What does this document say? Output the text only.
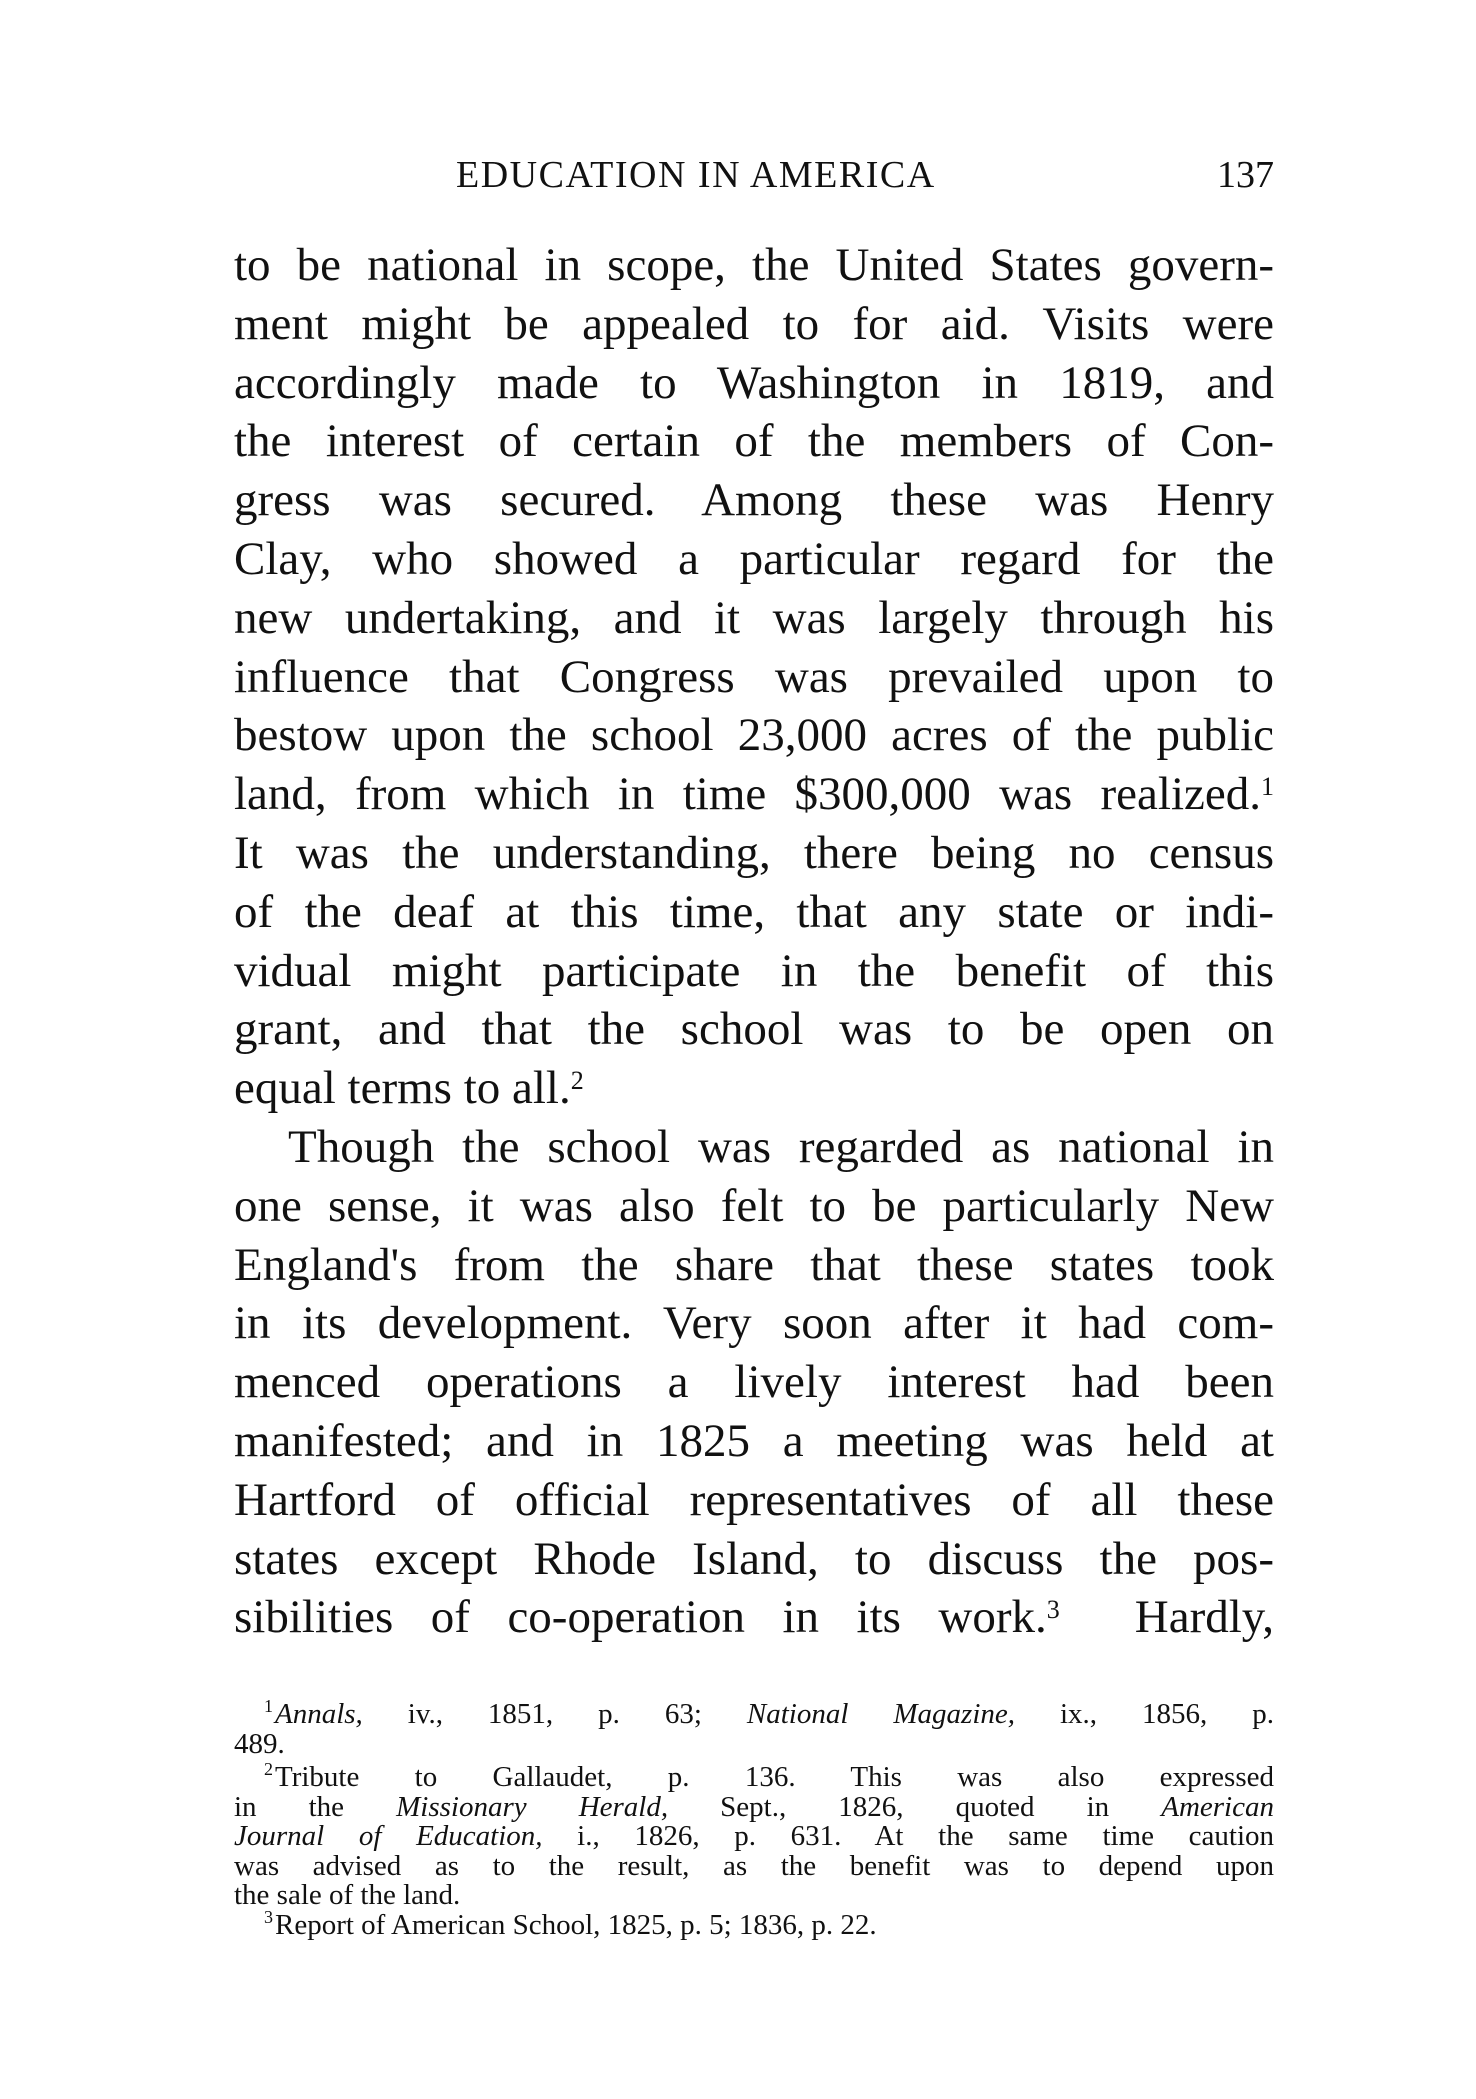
EDUCATION IN AMERICA	137
to be national in scope, the United States govern-
ment might be appealed to for aid. Visits were
accordingly made to Washington in 1819, and
the interest of certain of the members of Con-
gress was secured. Among these was Henry
Clay, who showed a particular regard for the
new undertaking, and it was largely through his
influence that Congress was prevailed upon to
bestow upon the school 23,000 acres of the public
land, from which in time $300,000 was realized.$^1$
It was the understanding, there being no census
of the deaf at this time, that any state or indi-
vidual might participate in the benefit of this
grant, and that the school was to be open on
equal terms to all.$^2$
Though the school was regarded as national in
one sense, it was also felt to be particularly New
England's from the share that these states took
in its development. Very soon after it had com-
menced operations a lively interest had been
manifested; and in 1825 a meeting was held at
Hartford of official representatives of all these
states except Rhode Island, to discuss the pos-
sibilities of co-operation in its work.$^3$ Hardly,
$^1$Annals, iv., 1851, p. 63; National Magazine, ix., 1856, p.
489.
$^2$Tribute to Gallaudet, p. 136. This was also expressed
in the Missionary Herald, Sept., 1826, quoted in American
Journal of Education, i., 1826, p. 631. At the same time caution
was advised as to the result, as the benefit was to depend upon
the sale of the land.
$^3$Report of American School, 1825, p. 5; 1836, p. 22.
